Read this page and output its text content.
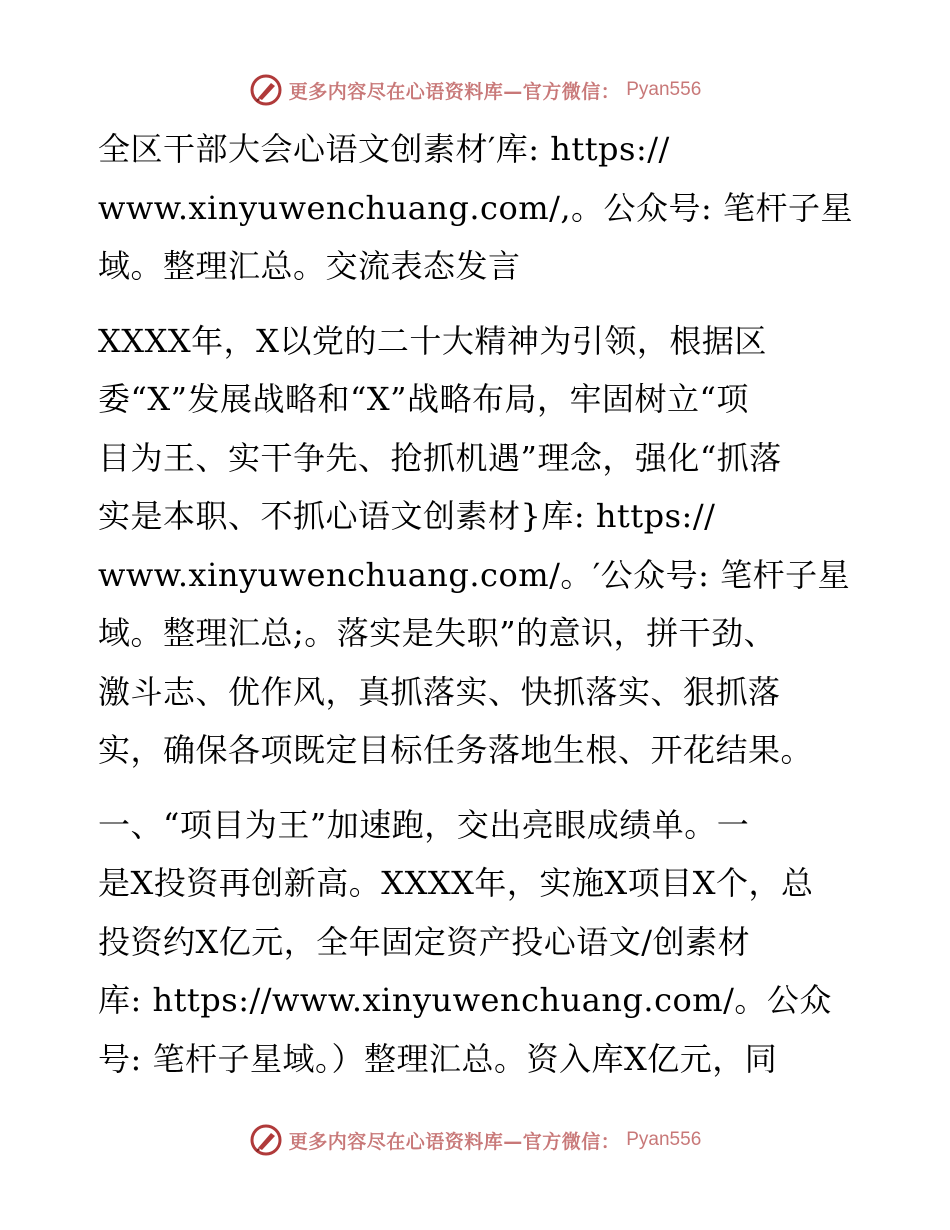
更多内容尽在心语资料库—官方微信： Pyan556
全区干部大会心语文创素材′库: https://
www.xinyuwenchuang.com/,。公众号: 笔杆子星
域。整理汇总。交流表态发言
XXXX年，X以党的二十大精神为引领，根据区
委“X”发展战略和“X”战略布局，牢固树立“项
目为王、实干争先、抢抓机遇”理念，强化“抓落
实是本职、不抓心语文创素材}库: https://
www.xinyuwenchuang.com/。′公众号: 笔杆子星
域。整理汇总;。落实是失职”的意识，拼干劲、
激斗志、优作风，真抓落实、快抓落实、狠抓落
实，确保各项既定目标任务落地生根、开花结果。
一、“项目为王”加速跑，交出亮眼成绩单。一
是X投资再创新高。XXXX年，实施X项目X个，总
投资约X亿元，全年固定资产投心语文/创素材
库: https://www.xinyuwenchuang.com/。公众
号: 笔杆子星域。）整理汇总。资入库X亿元，同
更多内容尽在心语资料库—官方微信： Pyan556
